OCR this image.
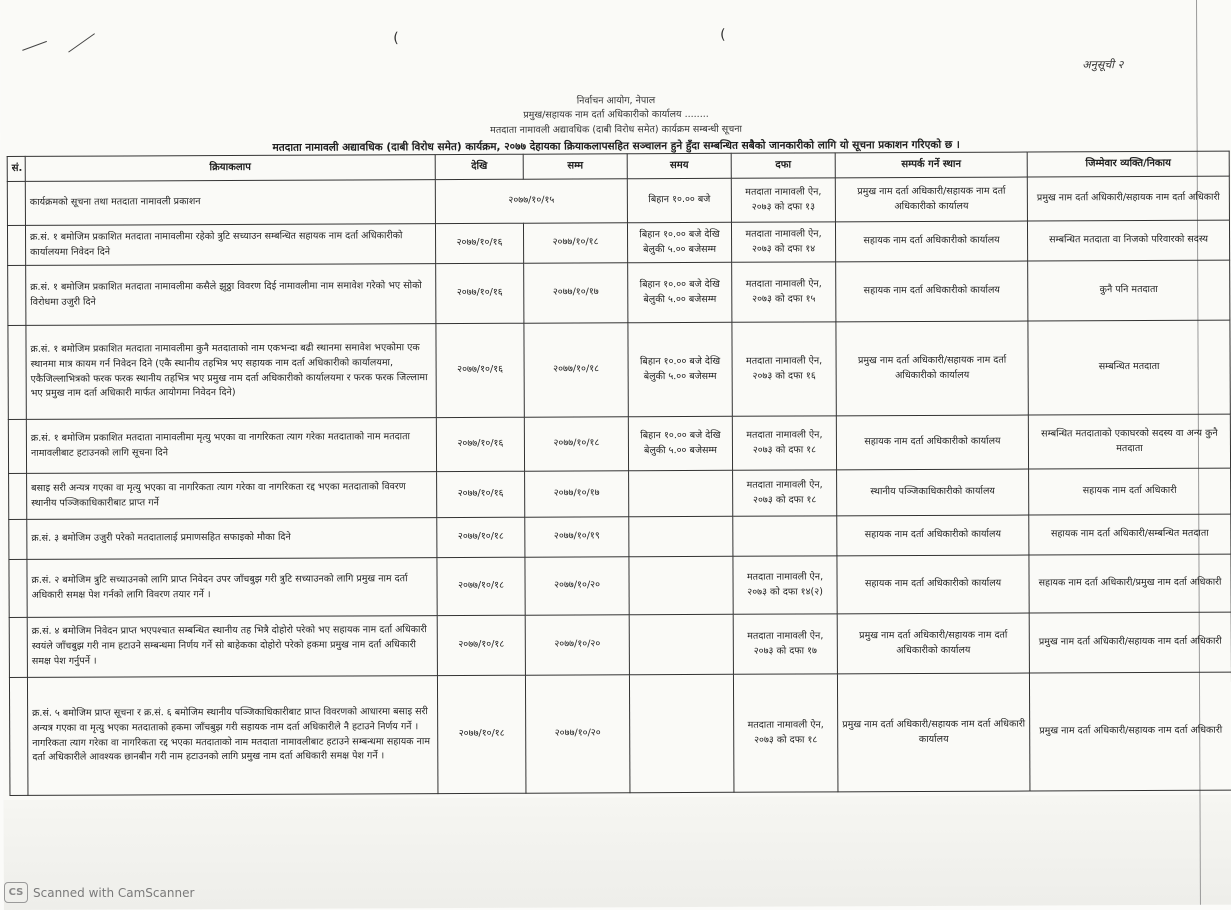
(	(
अनुसूची २
निर्वाचन आयोग, नेपाल
प्रमुख/सहायक नाम दर्ता अधिकारीको कार्यालय ........
मतदाता नामावली अद्यावधिक (दाबी विरोध समेत) कार्यक्रम सम्बन्धी सूचना
मतदाता नामावली अद्यावधिक (दाबी विरोध समेत) कार्यक्रम, २०७७ देहायका क्रियाकलापसहित सञ्चालन हुने हुँदा सम्बन्धित सबैको जानकारीको लागि यो सूचना प्रकाशन गरिएको छ ।
सं.	क्रियाकलाप	देखि	सम्म	समय	दफा	सम्पर्क गर्ने स्थान	जिम्मेवार व्यक्ति/निकाय
	कार्यक्रमको सूचना तथा मतदाता नामावली प्रकाशन	२०७७/१०/१५		बिहान १०.०० बजे	मतदाता नामावली ऐन, २०७३ को दफा १३	प्रमुख नाम दर्ता अधिकारी/सहायक नाम दर्ता अधिकारीको कार्यालय	प्रमुख नाम दर्ता अधिकारी/सहायक नाम दर्ता अधिकारी
	क्र.सं. १ बमोजिम प्रकाशित मतदाता नामावलीमा रहेको त्रुटि सच्याउन सम्बन्धित सहायक नाम दर्ता अधिकारीको कार्यालयमा निवेदन दिने	२०७७/१०/१६	२०७७/१०/१८	बिहान १०.०० बजे देखि बेलुकी ५.०० बजेसम्म	मतदाता नामावली ऐन, २०७३ को दफा १४	सहायक नाम दर्ता अधिकारीको कार्यालय	सम्बन्धित मतदाता वा निजको परिवारको सदस्य
	क्र.सं. १ बमोजिम प्रकाशित मतदाता नामावलीमा कसैले झुठ्ठा विवरण दिई नामावलीमा नाम समावेश गरेको भए सोको विरोधमा उजुरी दिने	२०७७/१०/१६	२०७७/१०/१७	बिहान १०.०० बजे देखि बेलुकी ५.०० बजेसम्म	मतदाता नामावली ऐन, २०७३ को दफा १५	सहायक नाम दर्ता अधिकारीको कार्यालय	कुनै पनि मतदाता
	क्र.सं. १ बमोजिम प्रकाशित मतदाता नामावलीमा कुनै मतदाताको नाम एकभन्दा बढी स्थानमा समावेश भएकोमा एक स्थानमा मात्र कायम गर्न निवेदन दिने (एकै स्थानीय तहभित्र भए सहायक नाम दर्ता अधिकारीको कार्यालयमा, एकैजिल्लाभित्रको फरक फरक स्थानीय तहभित्र भए प्रमुख नाम दर्ता अधिकारीको कार्यालयमा र फरक फरक जिल्लामा भए प्रमुख नाम दर्ता अधिकारी मार्फत आयोगमा निवेदन दिने)	२०७७/१०/१६	२०७७/१०/१८	बिहान १०.०० बजे देखि बेलुकी ५.०० बजेसम्म	मतदाता नामावली ऐन, २०७३ को दफा १६	प्रमुख नाम दर्ता अधिकारी/सहायक नाम दर्ता अधिकारीको कार्यालय	सम्बन्धित मतदाता
	क्र.सं. १ बमोजिम प्रकाशित मतदाता नामावलीमा मृत्यु भएका वा नागरिकता त्याग गरेका मतदाताको नाम मतदाता नामावलीबाट हटाउनको लागि सूचना दिने	२०७७/१०/१६	२०७७/१०/१८	बिहान १०.०० बजे देखि बेलुकी ५.०० बजेसम्म	मतदाता नामावली ऐन, २०७३ को दफा १८	सहायक नाम दर्ता अधिकारीको कार्यालय	सम्बन्धित मतदाताको एकाघरको सदस्य वा अन्य कुनै मतदाता
	बसाइ सरी अन्यत्र गएका वा मृत्यु भएका वा नागरिकता त्याग गरेका वा नागरिकता रद्द भएका मतदाताको विवरण स्थानीय पञ्जिकाधिकारीबाट प्राप्त गर्ने	२०७७/१०/१६	२०७७/१०/१७		मतदाता नामावली ऐन, २०७३ को दफा १८	स्थानीय पञ्जिकाधिकारीको कार्यालय	सहायक नाम दर्ता अधिकारी
	क्र.सं. ३ बमोजिम उजुरी परेको मतदातालाई प्रमाणसहित सफाइको मौका दिने	२०७७/१०/१८	२०७७/१०/१९			सहायक नाम दर्ता अधिकारीको कार्यालय	सहायक नाम दर्ता अधिकारी/सम्बन्धित मतदाता
	क्र.सं. २ बमोजिम त्रुटि सच्याउनको लागि प्राप्त निवेदन उपर जाँचबुझ गरी त्रुटि सच्याउनको लागि प्रमुख नाम दर्ता अधिकारी समक्ष पेश गर्नको लागि विवरण तयार गर्ने ।	२०७७/१०/१८	२०७७/१०/२०		मतदाता नामावली ऐन, २०७३ को दफा १४(२)	सहायक नाम दर्ता अधिकारीको कार्यालय	सहायक नाम दर्ता अधिकारी/प्रमुख नाम दर्ता अधिकारी
	क्र.सं. ४ बमोजिम निवेदन प्राप्त भएपश्चात सम्बन्धित स्थानीय तह भित्रै दोहोरो परेको भए सहायक नाम दर्ता अधिकारी स्वयंले जाँचबुझ गरी नाम हटाउने सम्बन्धमा निर्णय गर्ने सो बाहेकका दोहोरो परेको हकमा प्रमुख नाम दर्ता अधिकारी समक्ष पेश गर्नुपर्ने ।	२०७७/१०/१८	२०७७/१०/२०		मतदाता नामावली ऐन, २०७३ को दफा १७	प्रमुख नाम दर्ता अधिकारी/सहायक नाम दर्ता अधिकारीको कार्यालय	प्रमुख नाम दर्ता अधिकारी/सहायक नाम दर्ता अधिकारी
	क्र.सं. ५ बमोजिम प्राप्त सूचना र क्र.सं. ६ बमोजिम स्थानीय पञ्जिकाधिकारीबाट प्राप्त विवरणको आधारमा बसाइ सरी अन्यत्र गएका वा मृत्यु भएका मतदाताको हकमा जाँचबुझ गरी सहायक नाम दर्ता अधिकारीले नै हटाउने निर्णय गर्ने । नागरिकता त्याग गरेका वा नागरिकता रद्द भएका मतदाताको नाम मतदाता नामावलीबाट हटाउने सम्बन्धमा सहायक नाम दर्ता अधिकारीले आवश्यक छानबीन गरी नाम हटाउनको लागि प्रमुख नाम दर्ता अधिकारी समक्ष पेश गर्ने ।	२०७७/१०/१८	२०७७/१०/२०		मतदाता नामावली ऐन, २०७३ को दफा १८	प्रमुख नाम दर्ता अधिकारी/सहायक नाम दर्ता अधिकारी कार्यालय	प्रमुख नाम दर्ता अधिकारी/सहायक नाम दर्ता अधिकारी
CS Scanned with CamScanner
